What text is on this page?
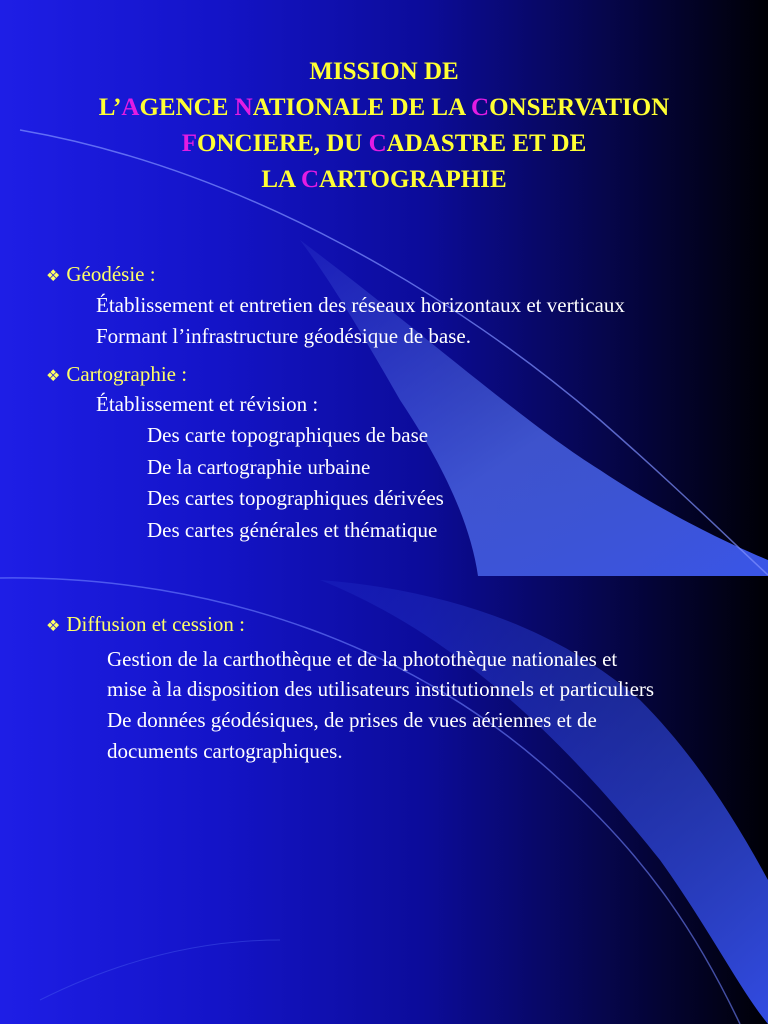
MISSION DE
L’AGENCE NATIONALE DE LA CONSERVATION
FONCIERE, DU CADASTRE ET DE
LA CARTOGRAPHIE
❖ Géodésie :
Établissement et entretien des réseaux horizontaux et verticaux
Formant l’infrastructure géodésique de base.
❖ Cartographie :
Établissement et révision :
Des carte topographiques de base
De la cartographie urbaine
Des cartes topographiques dérivées
Des cartes générales et thématique
❖ Diffusion et cession :
Gestion de la carthothèque et de la photothèque nationales et
mise à la disposition des utilisateurs institutionnels et particuliers
De données géodésiques, de prises de vues aériennes et de
documents cartographiques.
